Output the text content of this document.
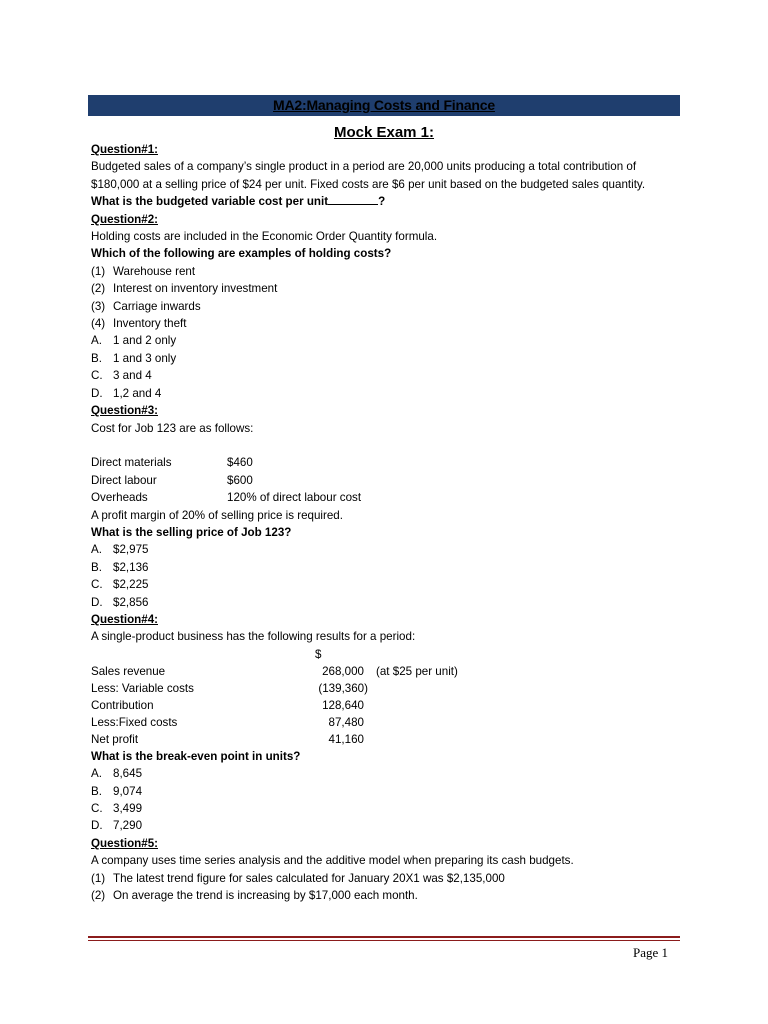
MA2:Managing Costs and Finance
Mock Exam 1:
Question#1:
Budgeted sales of a company’s single product in a period are 20,000 units producing a total contribution of $180,000 at a selling price of $24 per unit. Fixed costs are $6 per unit based on the budgeted sales quantity.
What is the budgeted variable cost per unit	?
Question#2:
Holding costs are included in the Economic Order Quantity formula.
Which of the following are examples of holding costs?
(1) Warehouse rent
(2) Interest on inventory investment
(3) Carriage inwards
(4) Inventory theft
A. 1 and 2 only
B. 1 and 3 only
C. 3 and 4
D. 1,2 and 4
Question#3:
Cost for Job 123 are as follows:
Direct materials	$460
Direct labour	$600
Overheads	120% of direct labour cost
A profit margin of 20% of selling price is required.
What is the selling price of Job 123?
A. $2,975
B. $2,136
C. $2,225
D. $2,856
Question#4:
A single-product business has the following results for a period:
$
Sales revenue	268,000	(at $25 per unit)
Less: Variable costs	(139,360)
Contribution	128,640
Less:Fixed costs	87,480
Net profit	41,160
What is the break-even point in units?
A. 8,645
B. 9,074
C. 3,499
D. 7,290
Question#5:
A company uses time series analysis and the additive model when preparing its cash budgets.
(1) The latest trend figure for sales calculated for January 20X1 was $2,135,000
(2) On average the trend is increasing by $17,000 each month.
Page 1
